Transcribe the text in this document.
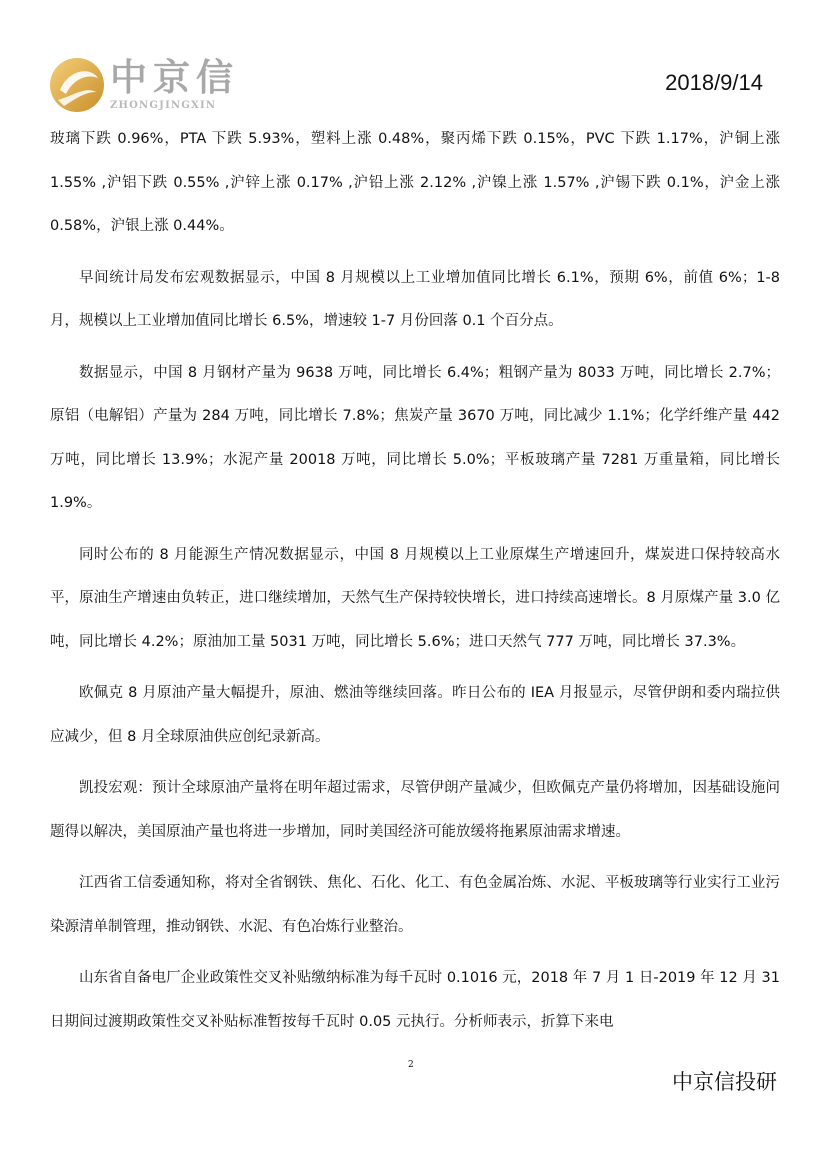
中京信
ZHONGJINGXIN
2018/9/14

玻璃下跌 0.96%，PTA 下跌 5.93%，塑料上涨 0.48%，聚丙烯下跌 0.15%，PVC 下跌 1.17%，沪铜上涨 1.55% ,沪铝下跌 0.55% ,沪锌上涨 0.17% ,沪铅上涨 2.12% ,沪镍上涨 1.57% ,沪锡下跌 0.1%，沪金上涨 0.58%，沪银上涨 0.44%。

早间统计局发布宏观数据显示，中国 8 月规模以上工业增加值同比增长 6.1%，预期 6%，前值 6%；1-8 月，规模以上工业增加值同比增长 6.5%，增速较 1-7 月份回落 0.1 个百分点。

数据显示，中国 8 月钢材产量为 9638 万吨，同比增长 6.4%；粗钢产量为 8033 万吨，同比增长 2.7%；原铝（电解铝）产量为 284 万吨，同比增长 7.8%；焦炭产量 3670 万吨，同比减少 1.1%；化学纤维产量 442 万吨，同比增长 13.9%；水泥产量 20018 万吨，同比增长 5.0%；平板玻璃产量 7281 万重量箱，同比增长 1.9%。

同时公布的 8 月能源生产情况数据显示，中国 8 月规模以上工业原煤生产增速回升，煤炭进口保持较高水平，原油生产增速由负转正，进口继续增加，天然气生产保持较快增长，进口持续高速增长。8 月原煤产量 3.0 亿吨，同比增长 4.2%；原油加工量 5031 万吨，同比增长 5.6%；进口天然气 777 万吨，同比增长 37.3%。

欧佩克 8 月原油产量大幅提升，原油、燃油等继续回落。昨日公布的 IEA 月报显示，尽管伊朗和委内瑞拉供应减少，但 8 月全球原油供应创纪录新高。

凯投宏观：预计全球原油产量将在明年超过需求，尽管伊朗产量减少，但欧佩克产量仍将增加，因基础设施问题得以解决，美国原油产量也将进一步增加，同时美国经济可能放缓将拖累原油需求增速。

江西省工信委通知称，将对全省钢铁、焦化、石化、化工、有色金属冶炼、水泥、平板玻璃等行业实行工业污染源清单制管理，推动钢铁、水泥、有色冶炼行业整治。

山东省自备电厂企业政策性交叉补贴缴纳标准为每千瓦时 0.1016 元，2018 年 7 月 1 日-2019 年 12 月 31 日期间过渡期政策性交叉补贴标准暂按每千瓦时 0.05 元执行。分析师表示，折算下来电

2
中京信投研
